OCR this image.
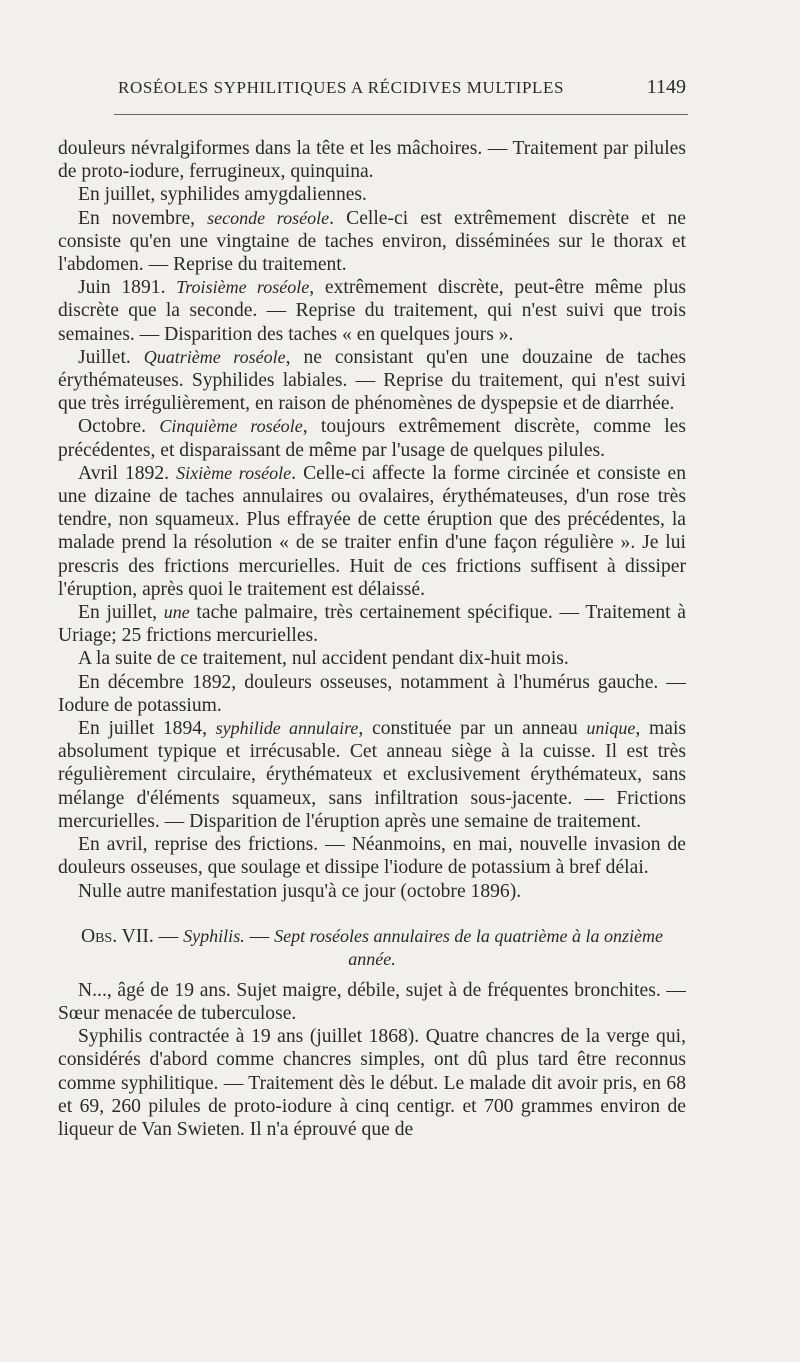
ROSÉOLES SYPHILITIQUES A RÉCIDIVES MULTIPLES	1149

douleurs névralgiformes dans la tête et les mâchoires. — Traitement par pilules de proto-iodure, ferrugineux, quinquina.

En juillet, syphilides amygdaliennes.

En novembre, seconde roséole. Celle-ci est extrêmement discrète et ne consiste qu'en une vingtaine de taches environ, disséminées sur le thorax et l'abdomen. — Reprise du traitement.

Juin 1891. Troisième roséole, extrêmement discrète, peut-être même plus discrète que la seconde. — Reprise du traitement, qui n'est suivi que trois semaines. — Disparition des taches « en quelques jours ».

Juillet. Quatrième roséole, ne consistant qu'en une douzaine de taches érythémateuses. Syphilides labiales. — Reprise du traitement, qui n'est suivi que très irrégulièrement, en raison de phénomènes de dyspepsie et de diarrhée.

Octobre. Cinquième roséole, toujours extrêmement discrète, comme les précédentes, et disparaissant de même par l'usage de quelques pilules.

Avril 1892. Sixième roséole. Celle-ci affecte la forme circinée et consiste en une dizaine de taches annulaires ou ovalaires, érythémateuses, d'un rose très tendre, non squameux. Plus effrayée de cette éruption que des précédentes, la malade prend la résolution « de se traiter enfin d'une façon régulière ». Je lui prescris des frictions mercurielles. Huit de ces frictions suffisent à dissiper l'éruption, après quoi le traitement est délaissé.

En juillet, une tache palmaire, très certainement spécifique. — Traitement à Uriage; 25 frictions mercurielles.

A la suite de ce traitement, nul accident pendant dix-huit mois.

En décembre 1892, douleurs osseuses, notamment à l'humérus gauche. — Iodure de potassium.

En juillet 1894, syphilide annulaire, constituée par un anneau unique, mais absolument typique et irrécusable. Cet anneau siège à la cuisse. Il est très régulièrement circulaire, érythémateux et exclusivement érythémateux, sans mélange d'éléments squameux, sans infiltration sous-jacente. — Frictions mercurielles. — Disparition de l'éruption après une semaine de traitement.

En avril, reprise des frictions. — Néanmoins, en mai, nouvelle invasion de douleurs osseuses, que soulage et dissipe l'iodure de potassium à bref délai.

Nulle autre manifestation jusqu'à ce jour (octobre 1896).

Obs. VII. — Syphilis. — Sept roséoles annulaires de la quatrième à la onzième année.

N..., âgé de 19 ans. Sujet maigre, débile, sujet à de fréquentes bronchites. — Sœur menacée de tuberculose.

Syphilis contractée à 19 ans (juillet 1868). Quatre chancres de la verge qui, considérés d'abord comme chancres simples, ont dû plus tard être reconnus comme syphilitique. — Traitement dès le début. Le malade dit avoir pris, en 68 et 69, 260 pilules de proto-iodure à cinq centigr. et 700 grammes environ de liqueur de Van Swieten. Il n'a éprouvé que de
